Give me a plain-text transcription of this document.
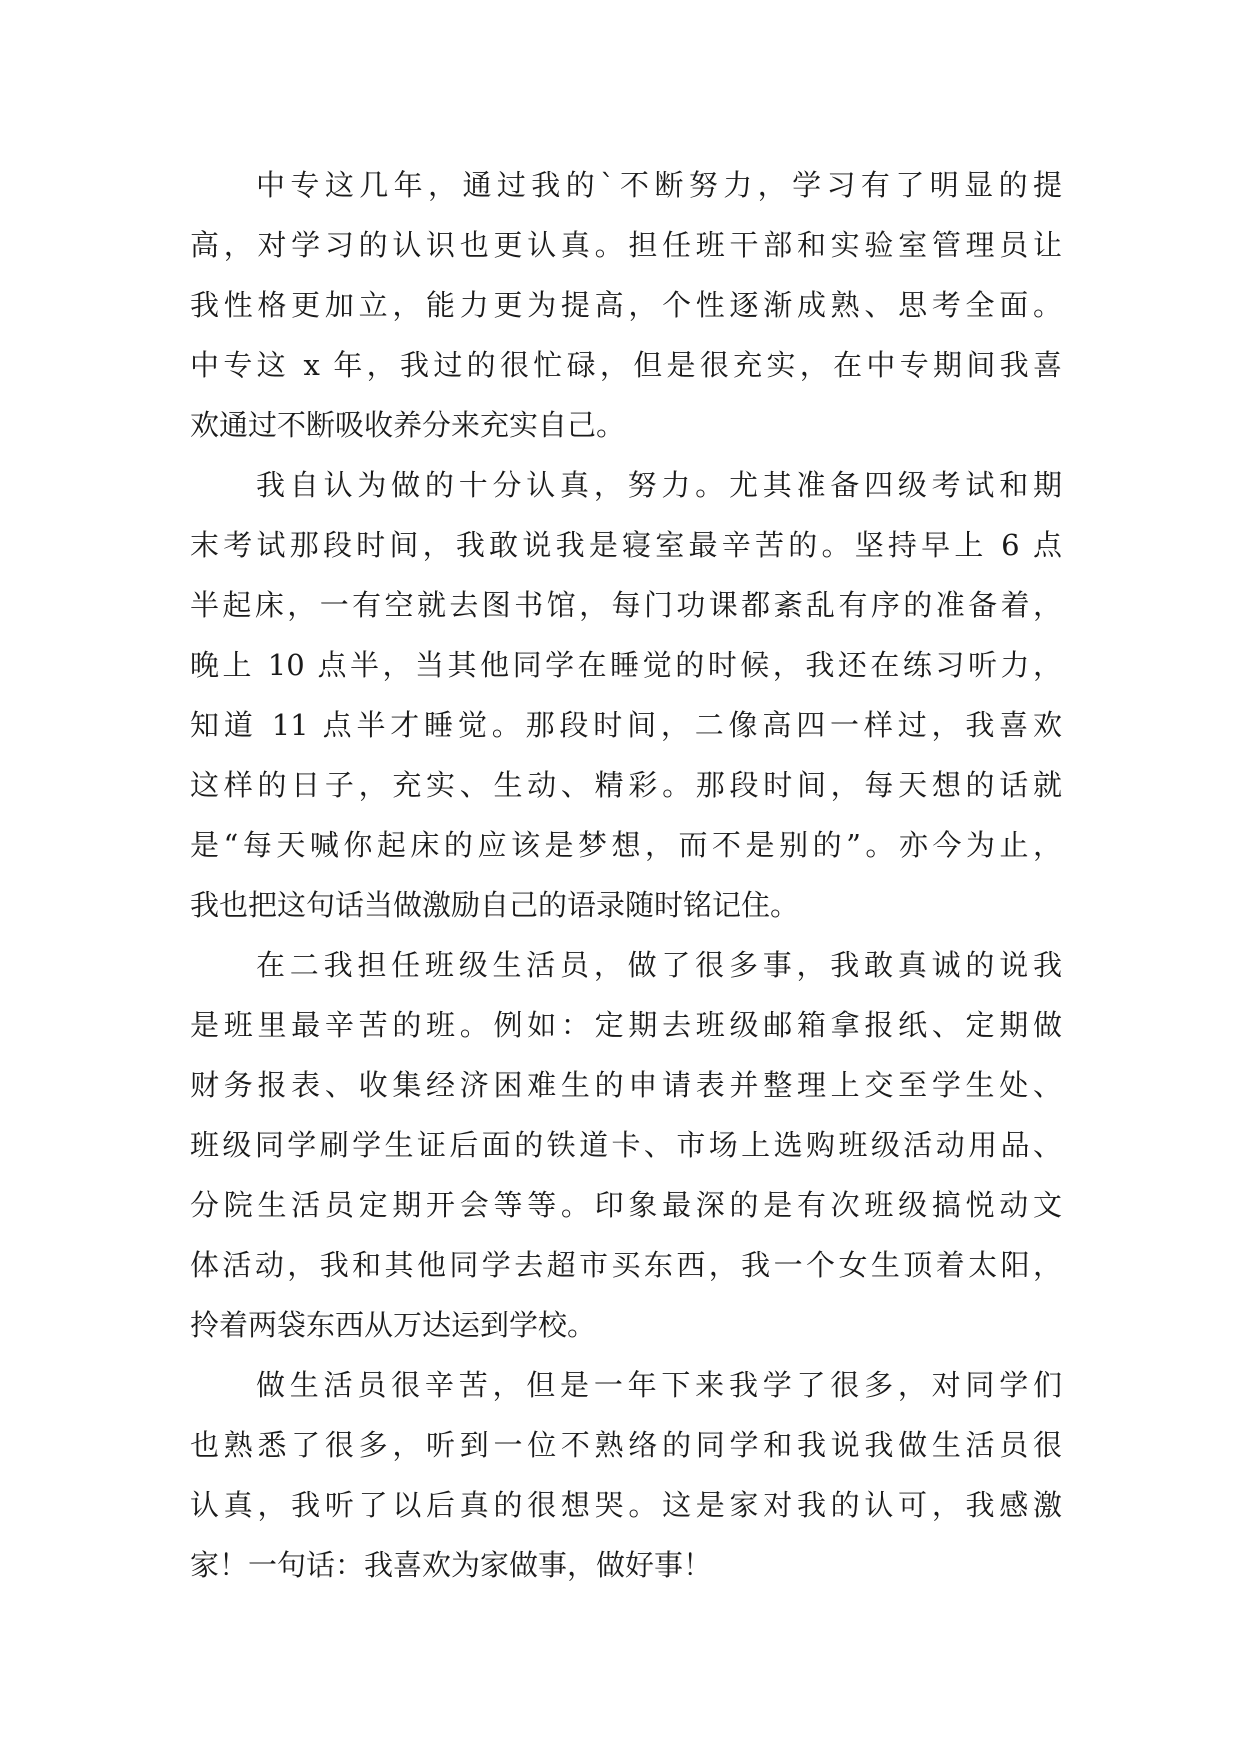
中专这几年，通过我的`不断努力，学习有了明显的提
高，对学习的认识也更认真。担任班干部和实验室管理员让
我性格更加立，能力更为提高，个性逐渐成熟、思考全面。
中专这 x 年，我过的很忙碌，但是很充实，在中专期间我喜
欢通过不断吸收养分来充实自己。
我自认为做的十分认真，努力。尤其准备四级考试和期
末考试那段时间，我敢说我是寝室最辛苦的。坚持早上 6 点
半起床，一有空就去图书馆，每门功课都紊乱有序的准备着，
晚上 10 点半，当其他同学在睡觉的时候，我还在练习听力，
知道 11 点半才睡觉。那段时间，二像高四一样过，我喜欢
这样的日子，充实、生动、精彩。那段时间，每天想的话就
是“每天喊你起床的应该是梦想，而不是别的”。亦今为止，
我也把这句话当做激励自己的语录随时铭记住。
在二我担任班级生活员，做了很多事，我敢真诚的说我
是班里最辛苦的班。例如：定期去班级邮箱拿报纸、定期做
财务报表、收集经济困难生的申请表并整理上交至学生处、
班级同学刷学生证后面的铁道卡、市场上选购班级活动用品、
分院生活员定期开会等等。印象最深的是有次班级搞悦动文
体活动，我和其他同学去超市买东西，我一个女生顶着太阳，
拎着两袋东西从万达运到学校。
做生活员很辛苦，但是一年下来我学了很多，对同学们
也熟悉了很多，听到一位不熟络的同学和我说我做生活员很
认真，我听了以后真的很想哭。这是家对我的认可，我感激
家！一句话：我喜欢为家做事，做好事！
